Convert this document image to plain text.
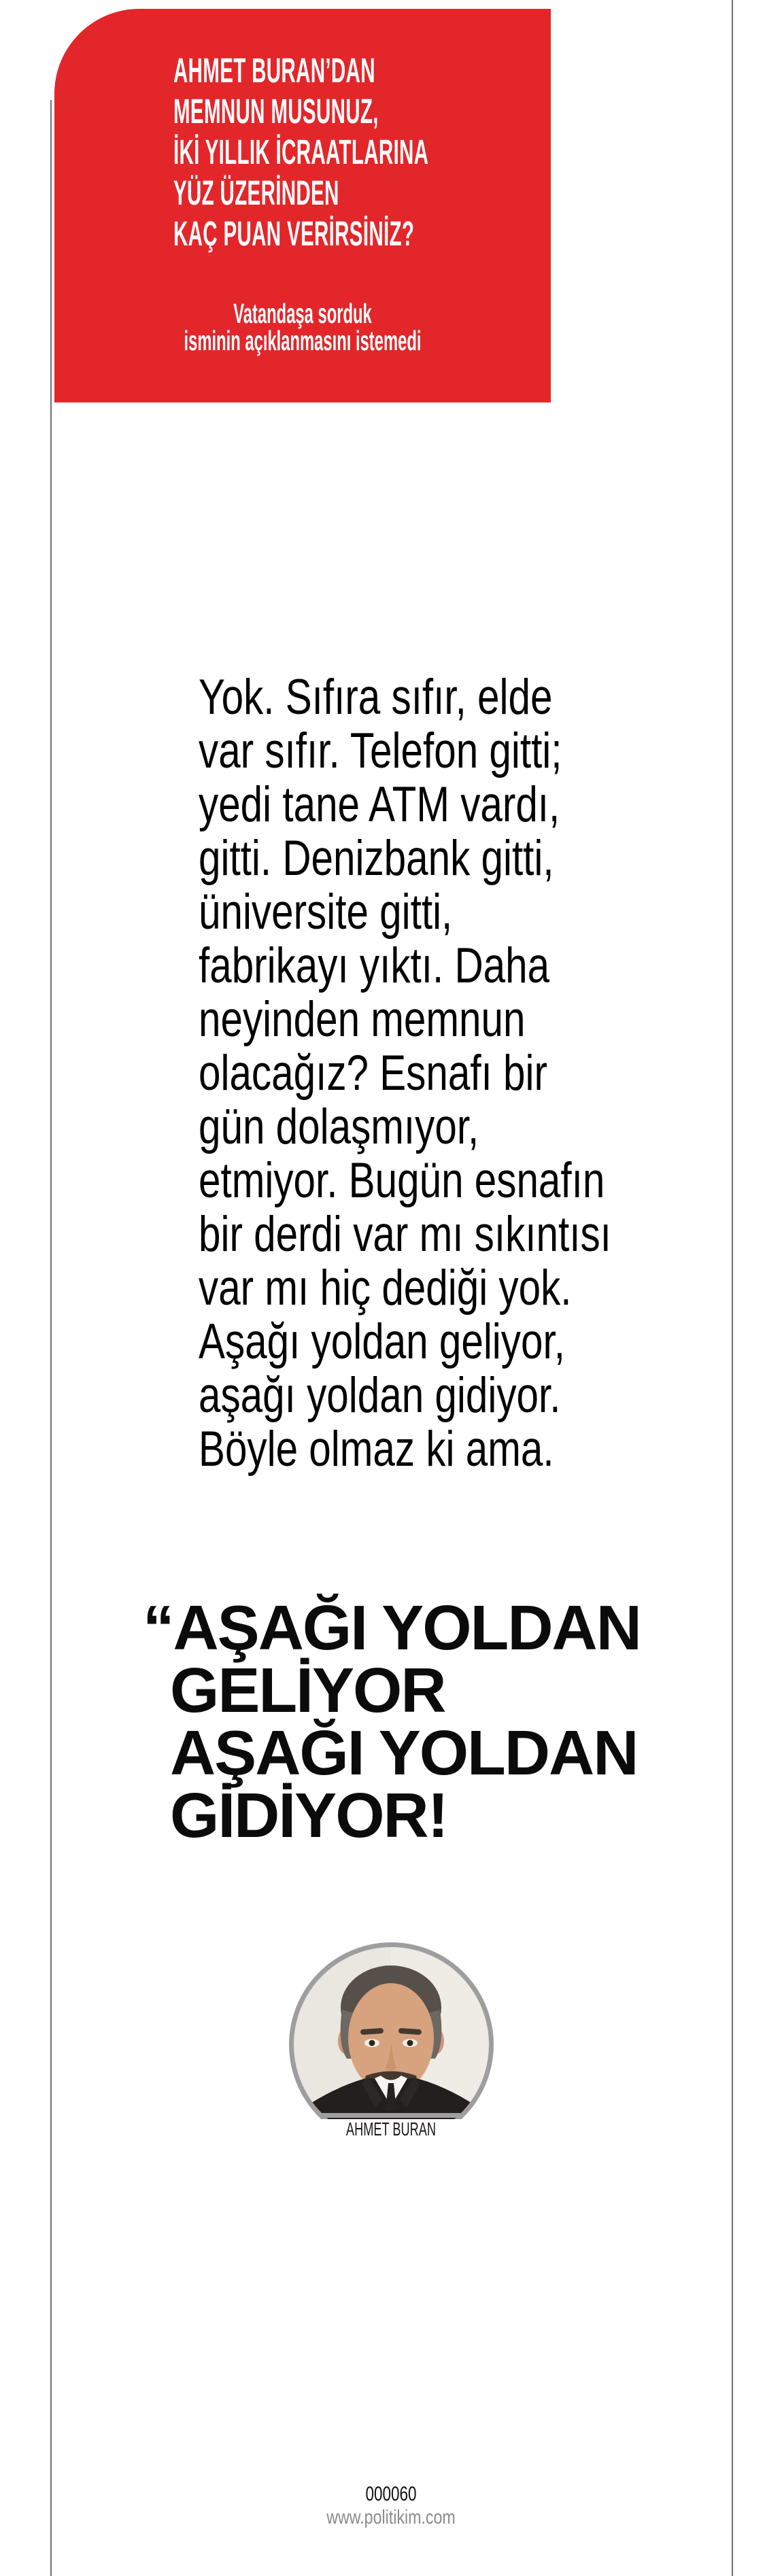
AHMET BURAN’DAN
MEMNUN MUSUNUZ,
İKİ YILLIK İCRAATLARINA
YÜZ ÜZERİNDEN
KAÇ PUAN VERİRSİNİZ?
Vatandaşa sorduk
isminin açıklanmasını istemedi
Yok. Sıfıra sıfır, elde
var sıfır. Telefon gitti;
yedi tane ATM vardı,
gitti. Denizbank gitti,
üniversite gitti,
fabrikayı yıktı. Daha
neyinden memnun
olacağız? Esnafı bir
gün dolaşmıyor,
etmiyor. Bugün esnafın
bir derdi var mı sıkıntısı
var mı hiç dediği yok.
Aşağı yoldan geliyor,
aşağı yoldan gidiyor.
Böyle olmaz ki ama.
“AŞAĞI YOLDAN
GELİYOR
AŞAĞI YOLDAN
GİDİYOR!
AHMET BURAN
000060
www.politikim.com
